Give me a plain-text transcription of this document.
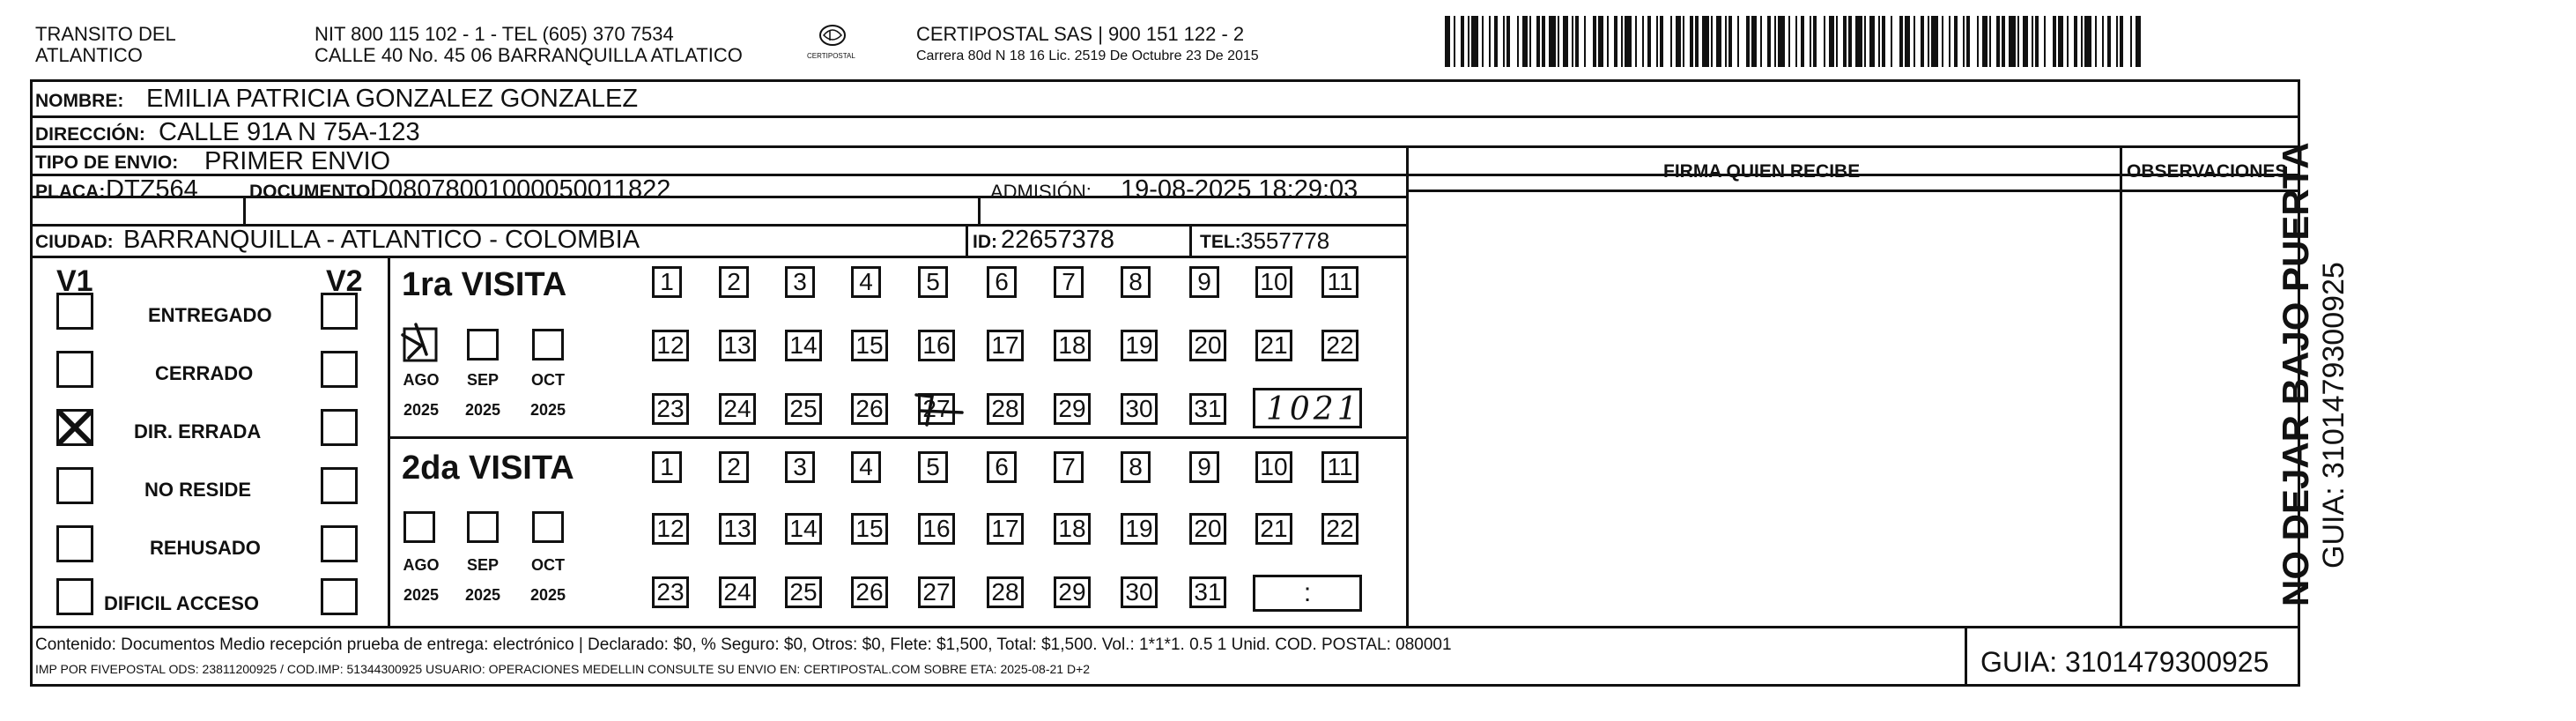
TRANSITO DEL
ATLANTICO
NIT 800 115 102 - 1 - TEL (605) 370 7534
CALLE 40 No. 45 06 BARRANQUILLA ATLATICO	CERTIPOSTAL
CERTIPOSTAL SAS | 900 151 122 - 2
Carrera 80d N 18 16 Lic. 2519 De Octubre 23 De 2015
NOMBRE: EMILIA PATRICIA GONZALEZ GONZALEZ
DIRECCIÓN: CALLE 91A N 75A-123
TIPO DE ENVIO: PRIMER ENVIO	FIRMA QUIEN RECIBE	OBSERVACIONES
PLACA: DTZ564	DOCUMENTO:
D08078001000050011822	ADMISIÓN: 19-08-2025 18:29:03
CIUDAD: BARRANQUILLA - ATLANTICO - COLOMBIA	ID: 22657378	TEL: 3557778
V1	V2
ENTREGADO
CERRADO
DIR. ERRADA
NO RESIDE
REHUSADO
DIFICIL ACCESO
1ra VISITA
AGO	SEP	OCT
2025	2025	2025
1	2	3	4	5	6	7	8	9	10 11
12 13 14 15 16 17 18 19 20 21 22
23 24 25 26 27 28 29 30 31 1021
2da VISITA
AGO	SEP	OCT
2025	2025	2025
1	2	3	4	5	6	7	8	9	10 11
12 13 14 15 16 17 18 19 20 21 22
23 24 25 26 27 28 29 30 31	:	NO DEJAR BAJO PUERTA GUIA: 3101479300925
Contenido: Documentos Medio recepción prueba de entrega: electrónico | Declarado: $0, % Seguro: $0, Otros: $0, Flete: $1,500, Total: $1,500. Vol.: 1*1*1. 0.5 1 Unid. COD. POSTAL: 080001
IMP POR FIVEPOSTAL ODS: 23811200925 / COD.IMP: 51344300925 USUARIO: OPERACIONES MEDELLIN CONSULTE SU ENVIO EN: CERTIPOSTAL.COM SOBRE ETA: 2025-08-21 D+2	GUIA: 3101479300925
